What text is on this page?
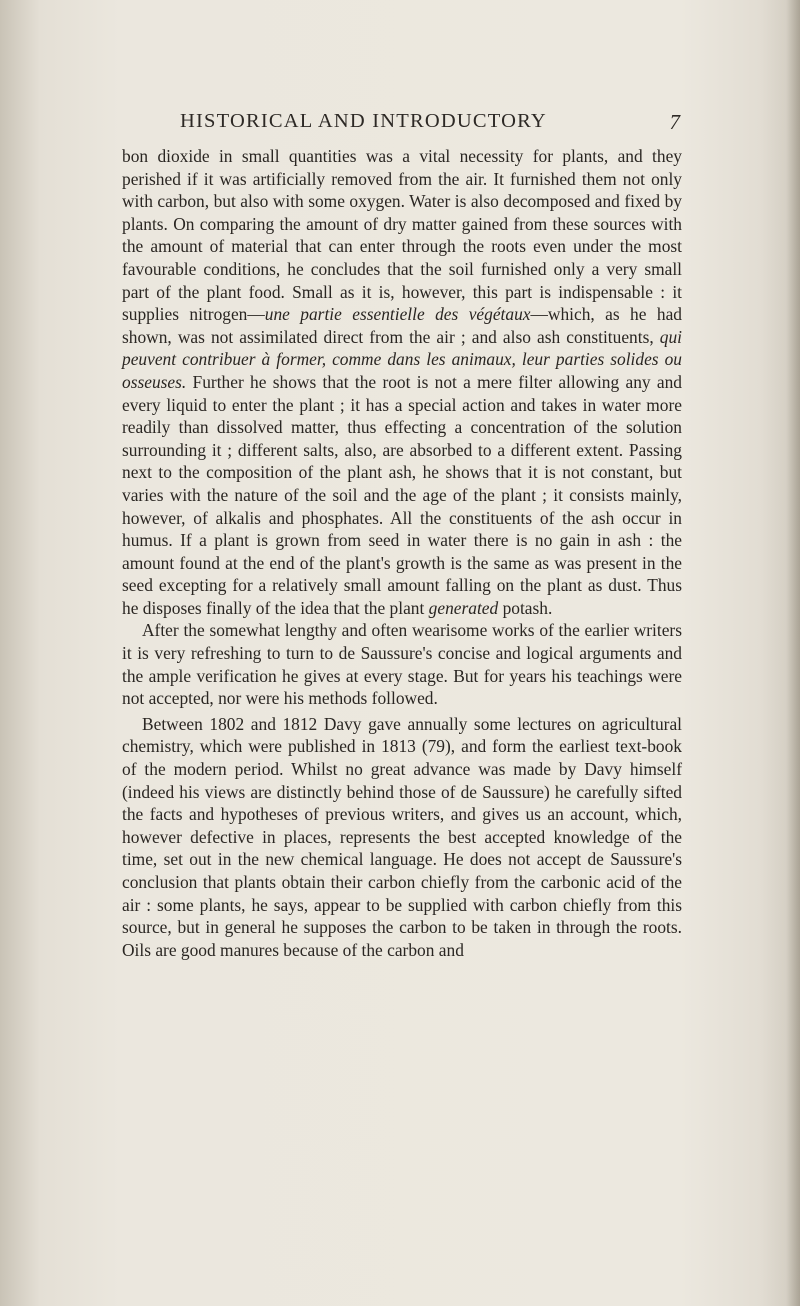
HISTORICAL AND INTRODUCTORY	7

bon dioxide in small quantities was a vital necessity for plants, and they perished if it was artificially removed from the air. It furnished them not only with carbon, but also with some oxygen. Water is also decomposed and fixed by plants. On comparing the amount of dry matter gained from these sources with the amount of material that can enter through the roots even under the most favourable conditions, he concludes that the soil furnished only a very small part of the plant food. Small as it is, however, this part is indispensable : it supplies nitrogen—une partie essentielle des végétaux—which, as he had shown, was not assimilated direct from the air ; and also ash constituents, qui peuvent contribuer à former, comme dans les animaux, leur parties solides ou osseuses. Further he shows that the root is not a mere filter allowing any and every liquid to enter the plant ; it has a special action and takes in water more readily than dissolved matter, thus effecting a concentration of the solution surrounding it ; different salts, also, are absorbed to a different extent. Passing next to the composition of the plant ash, he shows that it is not constant, but varies with the nature of the soil and the age of the plant ; it consists mainly, however, of alkalis and phosphates. All the constituents of the ash occur in humus. If a plant is grown from seed in water there is no gain in ash : the amount found at the end of the plant's growth is the same as was present in the seed excepting for a relatively small amount falling on the plant as dust. Thus he disposes finally of the idea that the plant generated potash.

After the somewhat lengthy and often wearisome works of the earlier writers it is very refreshing to turn to de Saussure's concise and logical arguments and the ample verification he gives at every stage. But for years his teachings were not accepted, nor were his methods followed.

Between 1802 and 1812 Davy gave annually some lectures on agricultural chemistry, which were published in 1813 (79), and form the earliest text-book of the modern period. Whilst no great advance was made by Davy himself (indeed his views are distinctly behind those of de Saussure) he carefully sifted the facts and hypotheses of previous writers, and gives us an account, which, however defective in places, represents the best accepted knowledge of the time, set out in the new chemical language. He does not accept de Saussure's conclusion that plants obtain their carbon chiefly from the carbonic acid of the air : some plants, he says, appear to be supplied with carbon chiefly from this source, but in general he supposes the carbon to be taken in through the roots. Oils are good manures because of the carbon and
